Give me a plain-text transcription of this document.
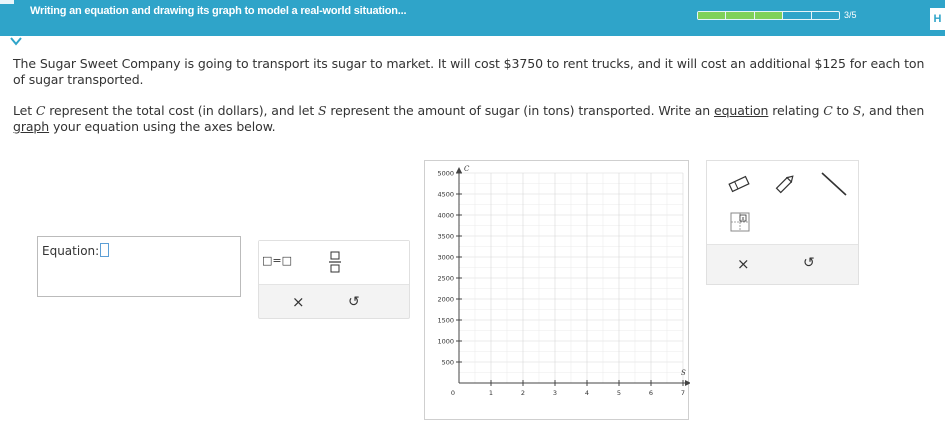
Writing an equation and drawing its graph to model a real-world situation...	3/5	H
The Sugar Sweet Company is going to transport its sugar to market. It will cost $3750 to rent trucks, and it will cost an additional $125 for each ton of sugar transported.
Let C represent the total cost (in dollars), and let S represent the amount of sugar (in tons) transported. Write an equation relating C to S, and then graph your equation using the axes below.
Equation:
□=□
×	↺
500
1000
1500
2000
2500
3000
3500
4000
4500
5000
1	2	3	4	5	6	7
0
C
S
x
×	↺
